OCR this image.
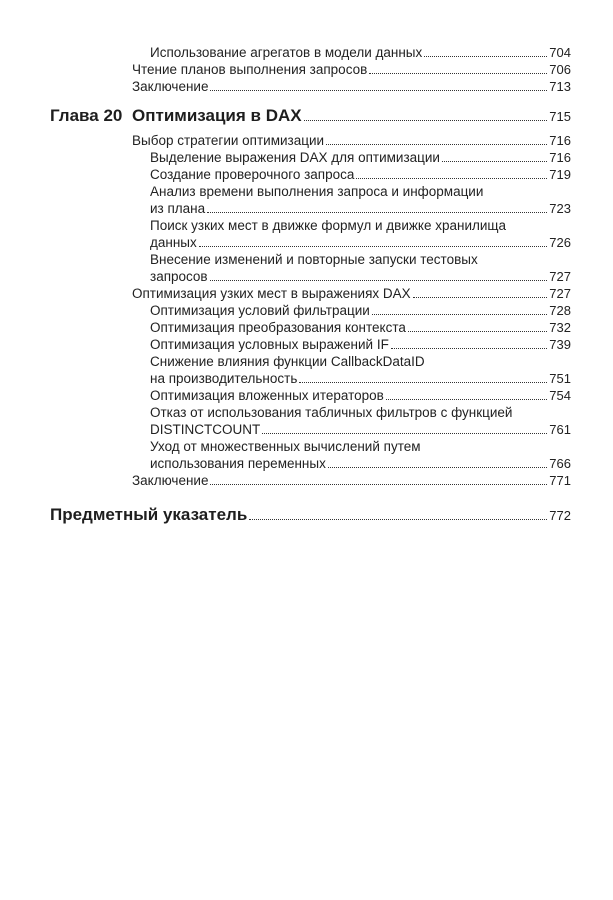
Использование агрегатов в модели данных	704
Чтение планов выполнения запросов	706
Заключение	713
Глава 20 Оптимизация в DAX	715
Выбор стратегии оптимизации	716
Выделение выражения DAX для оптимизации	716
Создание проверочного запроса	719
Анализ времени выполнения запроса и информации
из плана	723
Поиск узких мест в движке формул и движке хранилища
данных	726
Внесение изменений и повторные запуски тестовых
запросов	727
Оптимизация узких мест в выражениях DAX	727
Оптимизация условий фильтрации	728
Оптимизация преобразования контекста	732
Оптимизация условных выражений IF	739
Снижение влияния функции CallbackDataID
на производительность	751
Оптимизация вложенных итераторов	754
Отказ от использования табличных фильтров с функцией
DISTINCTCOUNT	761
Уход от множественных вычислений путем
использования переменных	766
Заключение	771
Предметный указатель	772
